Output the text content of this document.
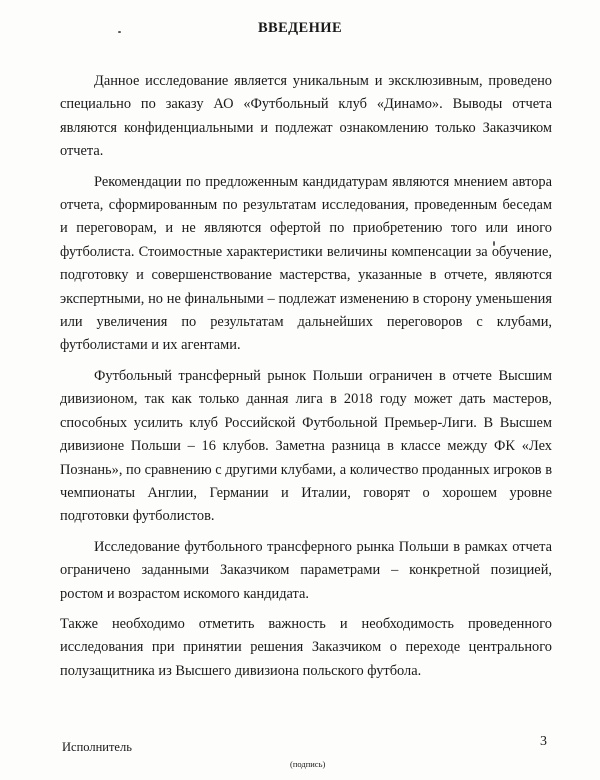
ВВЕДЕНИЕ

Данное исследование является уникальным и эксклюзивным, проведено специально по заказу АО «Футбольный клуб «Динамо». Выводы отчета являются конфиденциальными и подлежат ознакомлению только Заказчиком отчета.

Рекомендации по предложенным кандидатурам являются мнением автора отчета, сформированным по результатам исследования, проведенным беседам и переговорам, и не являются офертой по приобретению того или иного футболиста. Стоимостные характеристики величины компенсации за обучение, подготовку и совершенствование мастерства, указанные в отчете, являются экспертными, но не финальными – подлежат изменению в сторону уменьшения или увеличения по результатам дальнейших переговоров с клубами, футболистами и их агентами.

Футбольный трансферный рынок Польши ограничен в отчете Высшим дивизионом, так как только данная лига в 2018 году может дать мастеров, способных усилить клуб Российской Футбольной Премьер-Лиги. В Высшем дивизионе Польши – 16 клубов. Заметна разница в классе между ФК «Лех Познань», по сравнению с другими клубами, а количество проданных игроков в чемпионаты Англии, Германии и Италии, говорят о хорошем уровне подготовки футболистов.

Исследование футбольного трансферного рынка Польши в рамках отчета ограничено заданными Заказчиком параметрами – конкретной позицией, ростом и возрастом искомого кандидата.

Также необходимо отметить важность и необходимость проведенного исследования при принятии решения Заказчиком о переходе центрального полузащитника из Высшего дивизиона польского футбола.

Исполнитель	3
(подпись)
